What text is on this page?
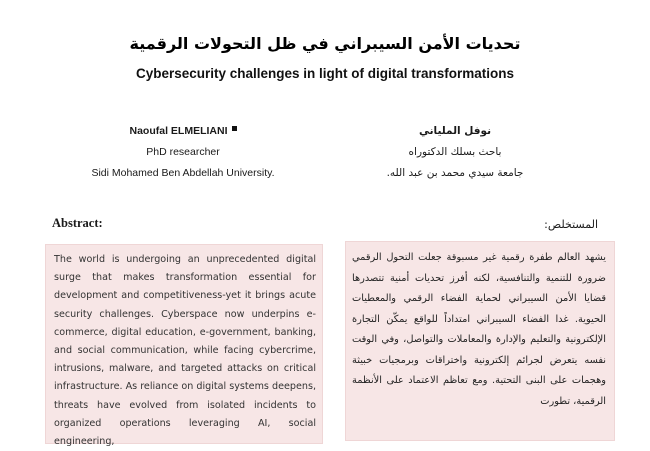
تحديات الأمن السيبراني في ظل التحولات الرقمية
Cybersecurity challenges in light of digital transformations
Naoufal ELMELIANI
PhD researcher
Sidi Mohamed Ben Abdellah University.
نوفل الملياني
باحث بسلك الدكتوراه
جامعة سيدي محمد بن عبد الله.
Abstract:	المستخلص:

The world is undergoing an unprecedented digital surge that makes transformation essential for development and competitiveness-yet it brings acute security challenges. Cyberspace now underpins e-commerce, digital education, e-government, banking, and social communication, while facing cybercrime, intrusions, malware, and targeted attacks on critical infrastructure. As reliance on digital systems deepens, threats have evolved from isolated incidents to organized operations leveraging AI, social engineering,

يشهد العالم طفرة رقمية غير مسبوقة جعلت التحول الرقمي ضرورة للتنمية والتنافسية، لكنه أفرز تحديات أمنية تتصدرها قضايا الأمن السيبراني لحماية الفضاء الرقمي والمعطيات الحيوية. غدا الفضاء السيبراني امتداداً للواقع يمكّن التجارة الإلكترونية والتعليم والإدارة والمعاملات والتواصل، وفي الوقت نفسه يتعرض لجرائم إلكترونية واختراقات وبرمجيات خبيثة وهجمات على البنى التحتية. ومع تعاظم الاعتماد على الأنظمة الرقمية، تطورت
